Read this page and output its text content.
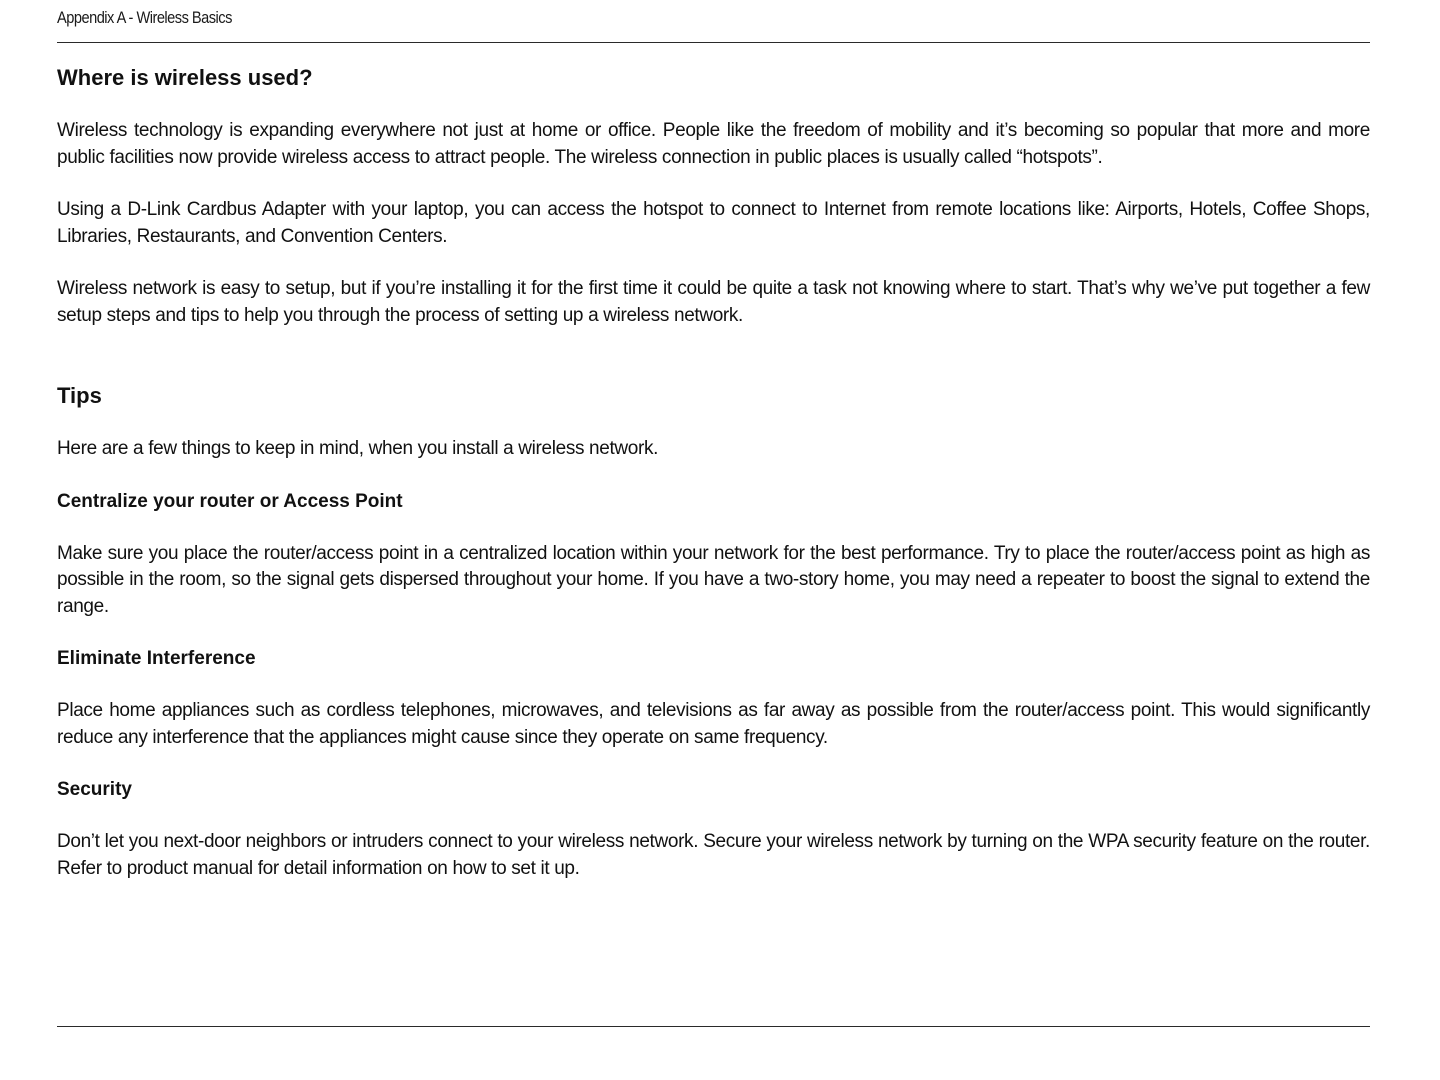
Appendix A - Wireless Basics
Where is wireless used?

Wireless technology is expanding everywhere not just at home or office. People like the freedom of mobility and it’s becoming so popular that more and more public facilities now provide wireless access to attract people. The wireless connection in public places is usually called “hotspots”.

Using a D-Link Cardbus Adapter with your laptop, you can access the hotspot to connect to Internet from remote locations like: Airports, Hotels, Coffee Shops, Libraries, Restaurants, and Convention Centers.

Wireless network is easy to setup, but if you’re installing it for the first time it could be quite a task not knowing where to start. That’s why we’ve put together a few setup steps and tips to help you through the process of setting up a wireless network.

Tips

Here are a few things to keep in mind, when you install a wireless network.

Centralize your router or Access Point

Make sure you place the router/access point in a centralized location within your network for the best performance. Try to place the router/access point as high as possible in the room, so the signal gets dispersed throughout your home. If you have a two-story home, you may need a repeater to boost the signal to extend the range.

Eliminate Interference

Place home appliances such as cordless telephones, microwaves, and televisions as far away as possible from the router/access point. This would significantly reduce any interference that the appliances might cause since they operate on same frequency.

Security

Don’t let you next-door neighbors or intruders connect to your wireless network. Secure your wireless network by turning on the WPA security feature on the router. Refer to product manual for detail information on how to set it up.
